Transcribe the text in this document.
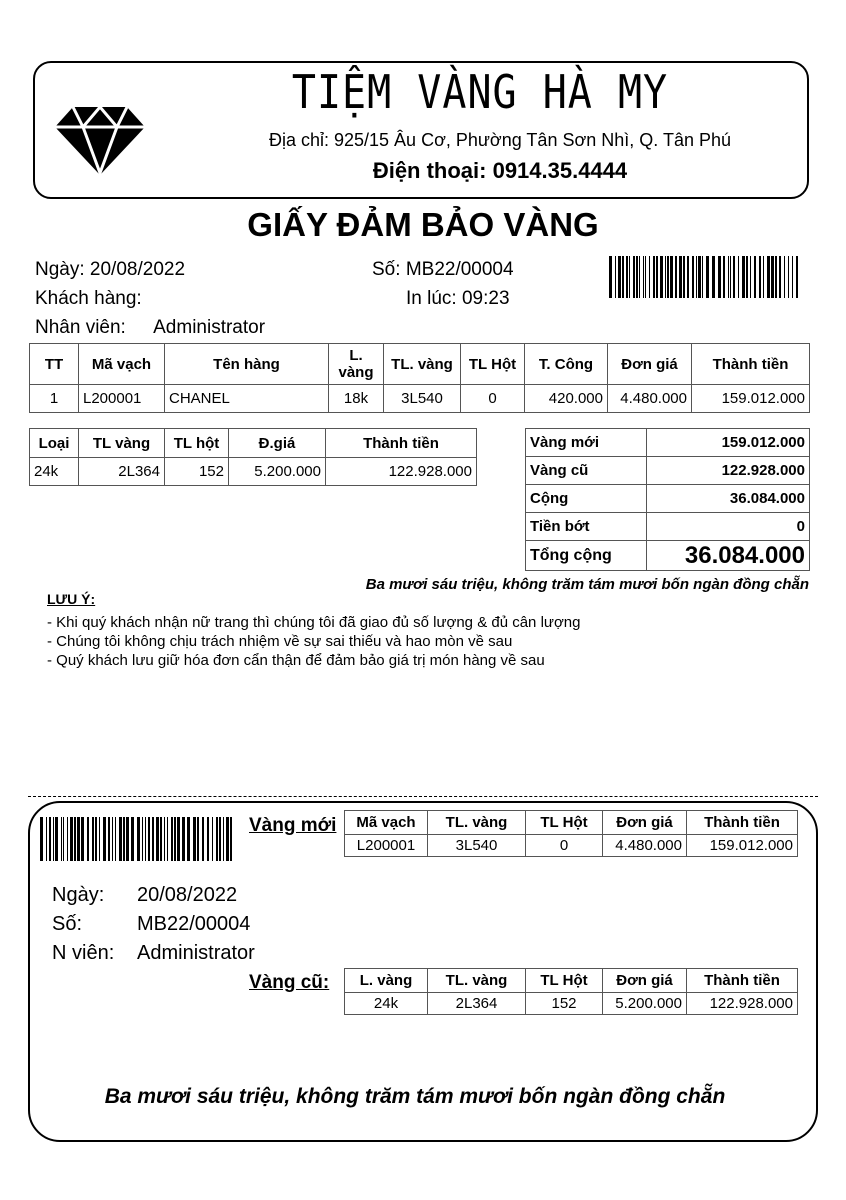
TIỆM VÀNG HÀ MY
Địa chỉ: 925/15 Âu Cơ, Phường Tân Sơn Nhì, Q. Tân Phú
Điện thoại: 0914.35.4444
GIẤY ĐẢM BẢO VÀNG
Ngày: 20/08/2022	Số: MB22/00004
Khách hàng:	In lúc: 09:23
Nhân viên: Administrator
TT	Mã vạch	Tên hàng	L. vàng	TL. vàng	TL Hột	T. Công	Đơn giá	Thành tiền
1	L200001	CHANEL	18k	3L540	0	420.000	4.480.000	159.012.000
Loại	TL vàng	TL hột	Đ.giá	Thành tiền
24k	2L364	152	5.200.000	122.928.000
Vàng mới	159.012.000
Vàng cũ	122.928.000
Cộng	36.084.000
Tiền bớt	0
Tổng cộng	36.084.000
Ba mươi sáu triệu, không trăm tám mươi bốn ngàn đồng chẵn
LƯU Ý:
- Khi quý khách nhận nữ trang thì chúng tôi đã giao đủ số lượng & đủ cân lượng
- Chúng tôi không chịu trách nhiệm về sự sai thiếu và hao mòn về sau
- Quý khách lưu giữ hóa đơn cẩn thận để đảm bảo giá trị món hàng về sau
Vàng mới Mã vạch	TL. vàng	TL Hột	Đơn giá	Thành tiền
L200001	3L540	0	4.480.000	159.012.000
Ngày: 20/08/2022
Số:	MB22/00004
N viên: Administrator
Vàng cũ: L. vàng	TL. vàng	TL Hột	Đơn giá	Thành tiền
24k	2L364	152	5.200.000	122.928.000
Ba mươi sáu triệu, không trăm tám mươi bốn ngàn đồng chẵn
